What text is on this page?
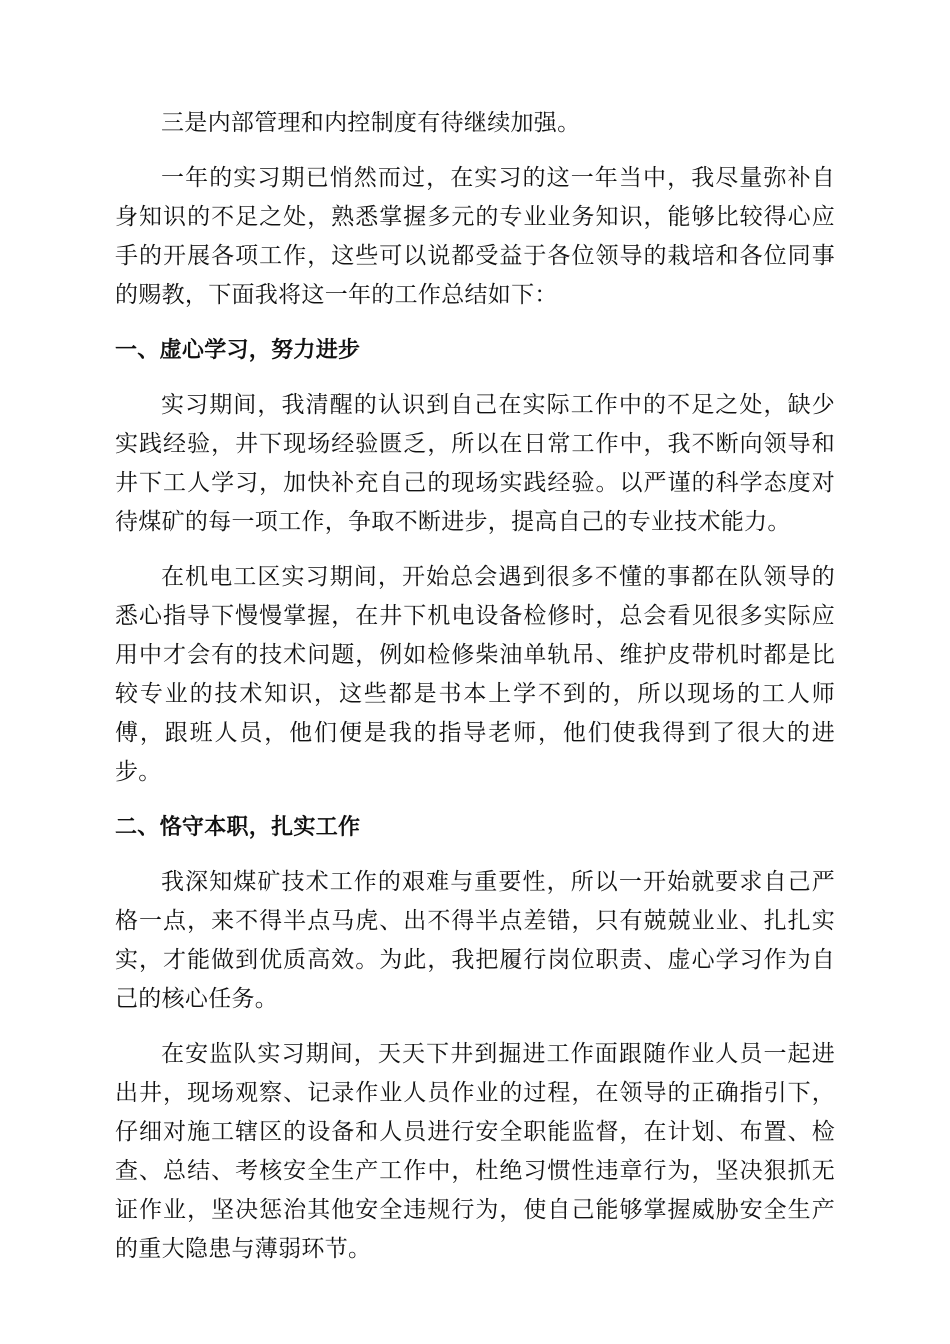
三是内部管理和内控制度有待继续加强。

一年的实习期已悄然而过，在实习的这一年当中，我尽量弥补自身知识的不足之处，熟悉掌握多元的专业业务知识，能够比较得心应手的开展各项工作，这些可以说都受益于各位领导的栽培和各位同事的赐教，下面我将这一年的工作总结如下：

一、虚心学习，努力进步

实习期间，我清醒的认识到自己在实际工作中的不足之处，缺少实践经验，井下现场经验匮乏，所以在日常工作中，我不断向领导和井下工人学习，加快补充自己的现场实践经验。以严谨的科学态度对待煤矿的每一项工作，争取不断进步，提高自己的专业技术能力。

在机电工区实习期间，开始总会遇到很多不懂的事都在队领导的悉心指导下慢慢掌握，在井下机电设备检修时，总会看见很多实际应用中才会有的技术问题，例如检修柴油单轨吊、维护皮带机时都是比较专业的技术知识，这些都是书本上学不到的，所以现场的工人师傅，跟班人员，他们便是我的指导老师，他们使我得到了很大的进步。

二、恪守本职，扎实工作

我深知煤矿技术工作的艰难与重要性，所以一开始就要求自己严格一点，来不得半点马虎、出不得半点差错，只有兢兢业业、扎扎实实，才能做到优质高效。为此，我把履行岗位职责、虚心学习作为自己的核心任务。

在安监队实习期间，天天下井到掘进工作面跟随作业人员一起进出井，现场观察、记录作业人员作业的过程，在领导的正确指引下，仔细对施工辖区的设备和人员进行安全职能监督，在计划、布置、检查、总结、考核安全生产工作中，杜绝习惯性违章行为，坚决狠抓无证作业，坚决惩治其他安全违规行为，使自己能够掌握威胁安全生产的重大隐患与薄弱环节。
